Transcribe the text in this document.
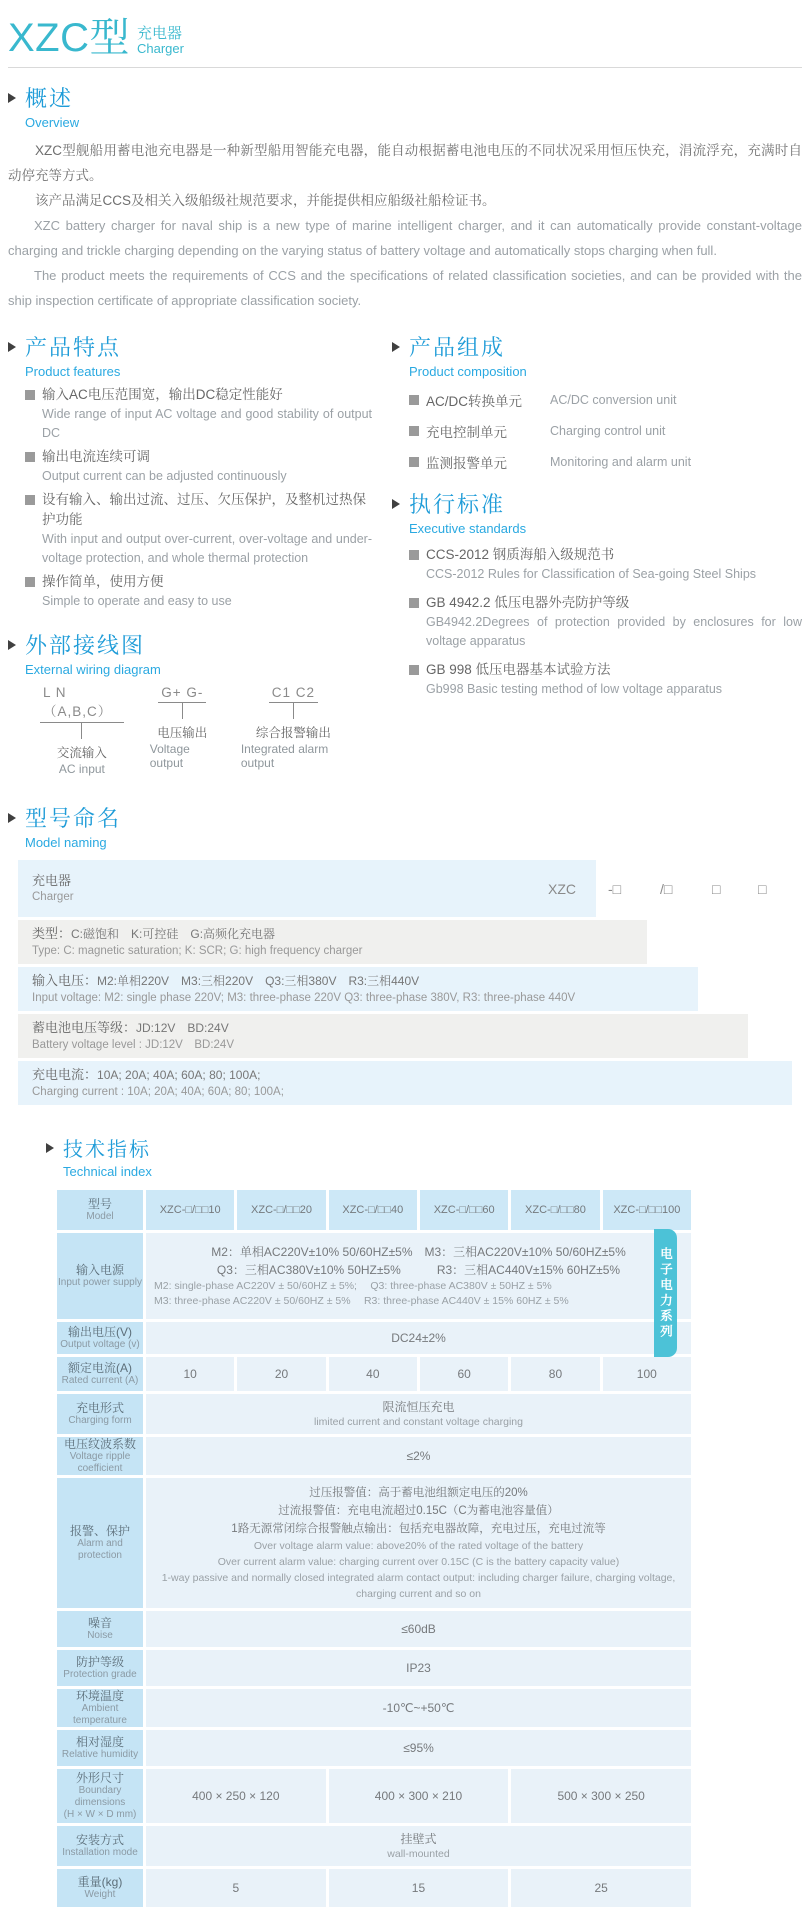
XZC型 充电器
Charger
概述
Overview

XZC型舰船用蓄电池充电器是一种新型船用智能充电器，能自动根据蓄电池电压的不同状况采用恒压快充，涓流浮充，充满时自动停充等方式。

该产品满足CCS及相关入级船级社规范要求，并能提供相应船级社船检证书。

XZC battery charger for naval ship is a new type of marine intelligent charger, and it can automatically provide constant-voltage charging and trickle charging depending on the varying status of battery voltage and automatically stops charging when full.

The product meets the requirements of CCS and the specifications of related classification societies, and can be provided with the ship inspection certificate of appropriate classification society.

产品特点
Product features
输入AC电压范围宽，输出DC稳定性能好
Wide range of input AC voltage and good stability of output DC
输出电流连续可调
Output current can be adjusted continuously
设有输入、输出过流、过压、欠压保护，及整机过热保护功能
With input and output over-current, over-voltage and under-voltage protection, and whole thermal protection
操作简单，使用方便
Simple to operate and easy to use
外部接线图
External wiring diagram
L N（A,B,C）
交流输入
AC input
G+ G-
电压输出
Voltage output
C1 C2
综合报警输出
Integrated alarm output
产品组成
Product composition
AC/DC转换单元	AC/DC conversion unit
充电控制单元	Charging control unit
监测报警单元	Monitoring and alarm unit
执行标准
Executive standards
CCS-2012 钢质海船入级规范书
CCS-2012 Rules for Classification of Sea-going Steel Ships
GB 4942.2 低压电器外壳防护等级
GB4942.2Degrees of protection provided by enclosures for low voltage apparatus
GB 998 低压电器基本试验方法
Gb998 Basic testing method of low voltage apparatus
型号命名
Model naming
XZC -□	/□	□	□
充电器
Charger
类型：C:磁饱和　K:可控硅　G:高频化充电器
Type: C: magnetic saturation; K: SCR; G: high frequency charger
输入电压：M2:单相220V　M3:三相220V　Q3:三相380V　R3:三相440V
Input voltage: M2: single phase 220V; M3: three-phase 220V Q3: three-phase 380V, R3: three-phase 440V
蓄电池电压等级：JD:12V　BD:24V
Battery voltage level : JD:12V　BD:24V
充电电流：10A; 20A; 40A; 60A; 80; 100A;
Charging current : 10A; 20A; 40A; 60A; 80; 100A;
技术指标
Technical index
电子电力系列
型号
Model	XZC-□/□□10	XZC-□/□□20	XZC-□/□□40	XZC-□/□□60	XZC-□/□□80	XZC-□/□□100

输入电源
Input power supply

M2：单相AC220V±10% 50/60HZ±5%　M3：三相AC220V±10% 50/60HZ±5%
Q3：三相AC380V±10% 50HZ±5%　　　R3：三相AC440V±15% 60HZ±5%
M2: single-phase AC220V ± 50/60HZ ± 5%;　 Q3: three-phase AC380V ± 50HZ ± 5%
M3: three-phase AC220V ± 50/60HZ ± 5%　 R3: three-phase AC440V ± 15% 60HZ ± 5%

输出电压(V)
Output voltage (v)	DC24±2%					

额定电流(A)
Rated current (A)	10	20	40	60	80	100

充电形式
Charging form

限流恒压充电
limited current and constant voltage charging

电压纹波系数
Voltage ripple coefficient	≤2%					

报警、保护
Alarm and protection

过压报警值：高于蓄电池组额定电压的20%
过流报警值：充电电流超过0.15C（C为蓄电池容量值）
1路无源常闭综合报警触点输出：包括充电器故障，充电过压，充电过流等
Over voltage alarm value: above20% of the rated voltage of the battery
Over current alarm value: charging current over 0.15C (C is the battery capacity value)
1-way passive and normally closed integrated alarm contact output: including charger failure, charging voltage, charging current and so on

噪音
Noise	≤60dB					

防护等级
Protection grade	IP23					

环境温度
Ambient temperature	-10℃~+50℃					

相对湿度
Relative humidity	≤95%					

外形尺寸
Boundary dimensions
(H × W × D mm)	400 × 250 × 120		400 × 300 × 210		500 × 300 × 250	

安装方式
Installation mode

挂壁式
wall-mounted

重量(kg)
Weight	5		15		25	
